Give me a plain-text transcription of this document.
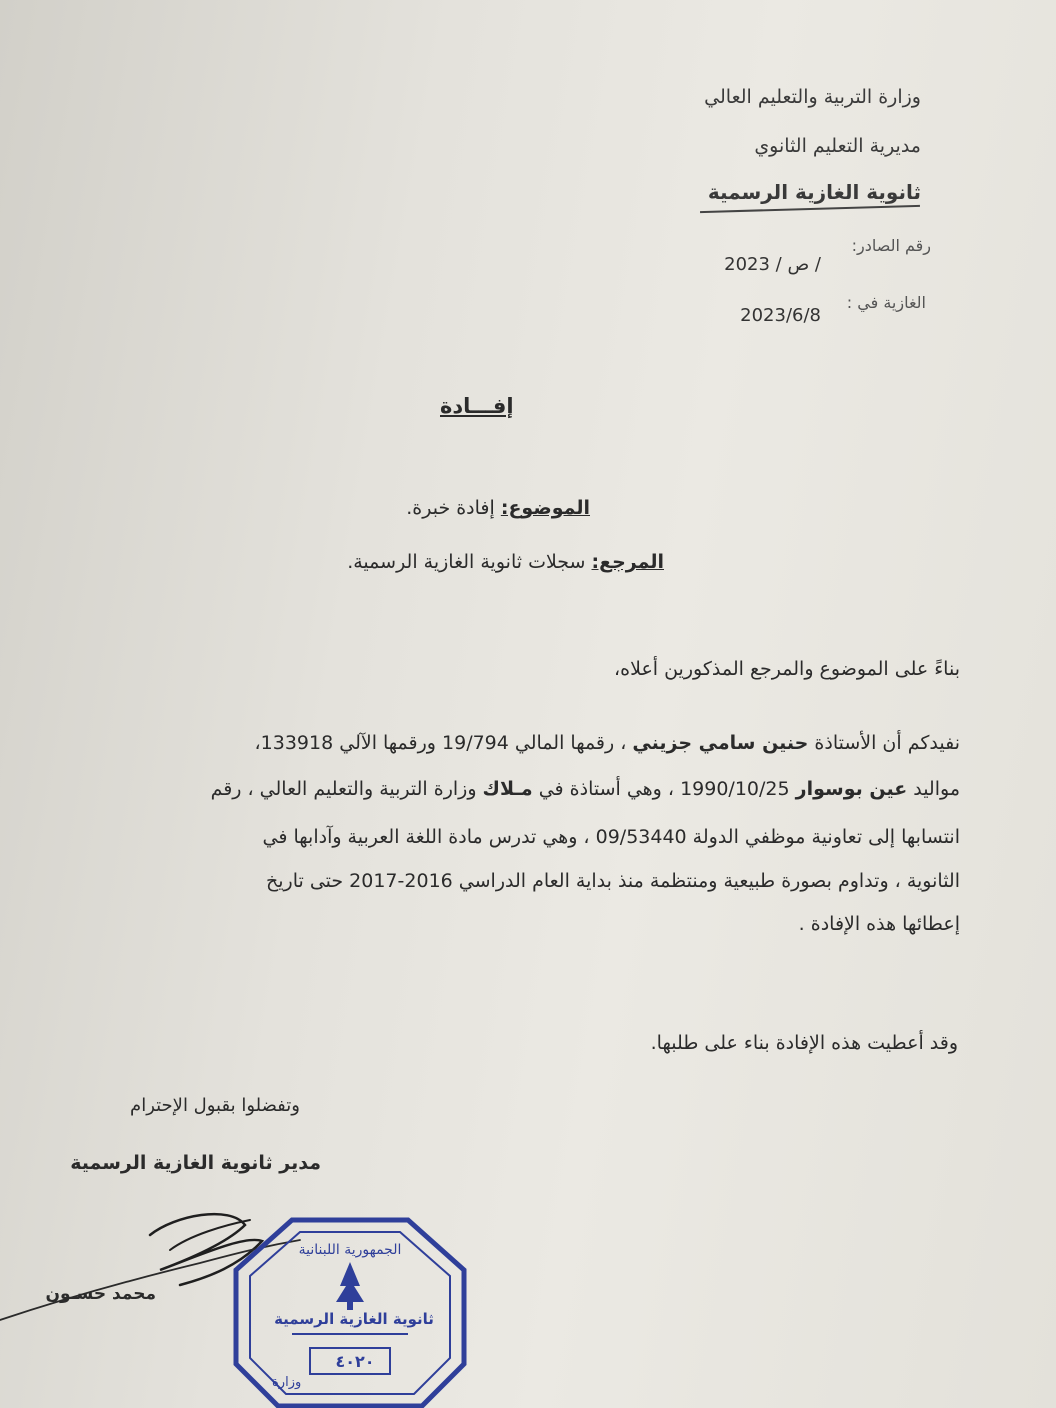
وزارة التربية والتعليم العالي
مديرية التعليم الثانوي
ثانوية الغازية الرسمية
رقم الصادر:
/ ص / 2023
الغازية في :
2023/6/8
إفـــادة
الموضوع: إفادة خبرة.
المرجع: سجلات ثانوية الغازية الرسمية.
بناءً على الموضوع والمرجع المذكورين أعلاه،
نفيدكم أن الأستاذة حنين سامي جزيني ، رقمها المالي 19/794 ورقمها الآلي 133918،
مواليد عين بوسوار 1990/10/25 ، وهي أستاذة في مـلاك وزارة التربية والتعليم العالي ، رقم
انتسابها إلى تعاونية موظفي الدولة 09/53440 ، وهي تدرس مادة اللغة العربية وآدابها في
الثانوية ، وتداوم بصورة طبيعية ومنتظمة منذ بداية العام الدراسي 2016-2017 حتى تاريخ
إعطائها هذه الإفادة .
وقد أعطيت هذه الإفادة بناء على طلبها.
وتفضلوا بقبول الإحترام
مدير ثانوية الغازية الرسمية
الجمهورية اللبنانية
وزارة
ثانوية الغازية الرسمية
٤٠٢٠
محمد حسـون
